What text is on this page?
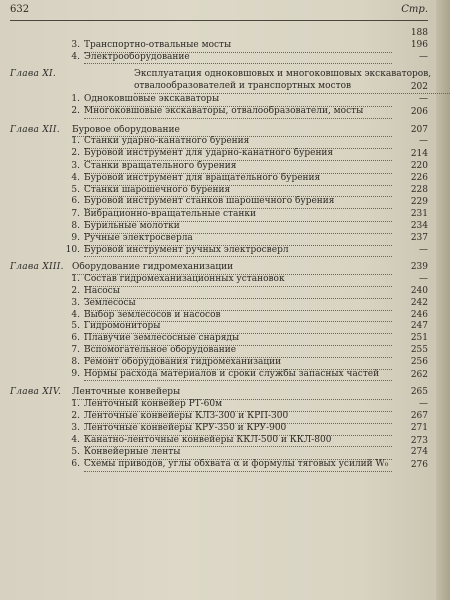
632	Стр.
188
3. Транспортно-отвальные мосты	196
4. Электрооборудование	—
Глава XI.	Эксплуатация одноковшовых и многоковшовых экскаваторов, отвалообразователей и транспортных мостов	202
1. Одноковшовые экскаваторы	—
2. Многоковшовые экскаваторы, отвалообразователи, мосты	206
Глава XII. Буровое оборудование	207
1. Станки ударно-канатного бурения	—
2. Буровой инструмент для ударно-канатного бурения	214
3. Станки вращательного бурения	220
4. Буровой инструмент для вращательного бурения	226
5. Станки шарошечного бурения	228
6. Буровой инструмент станков шарошечного бурения	229
7. Вибрационно-вращательные станки	231
8. Бурильные молотки	234
9. Ручные электросверла	237
10. Буровой инструмент ручных электросверл	—
Глава XIII. Оборудование гидромеханизации	239
1. Состав гидромеханизационных установок	—
2. Насосы	240
3. Землесосы	242
4. Выбор землесосов и насосов	246
5. Гидромониторы	247
6. Плавучие землесосные снаряды	251
7. Вспомогательное оборудование	255
8. Ремонт оборудования гидромеханизации	256
9. Нормы расхода материалов и сроки службы запасных частей	262
Глава XIV. Ленточные конвейеры	265
1. Ленточный конвейер РТ-60м	—
2. Ленточные конвейеры КЛЗ-300 и КРП-300	267
3. Ленточные конвейеры КРУ-350 и КРУ-900	271
4. Канатно-ленточные конвейеры ККЛ-500 и ККЛ-800	273
5. Конвейерные ленты	274
6. Схемы приводов, углы обхвата α и формулы тяговых усилий W₀	276
